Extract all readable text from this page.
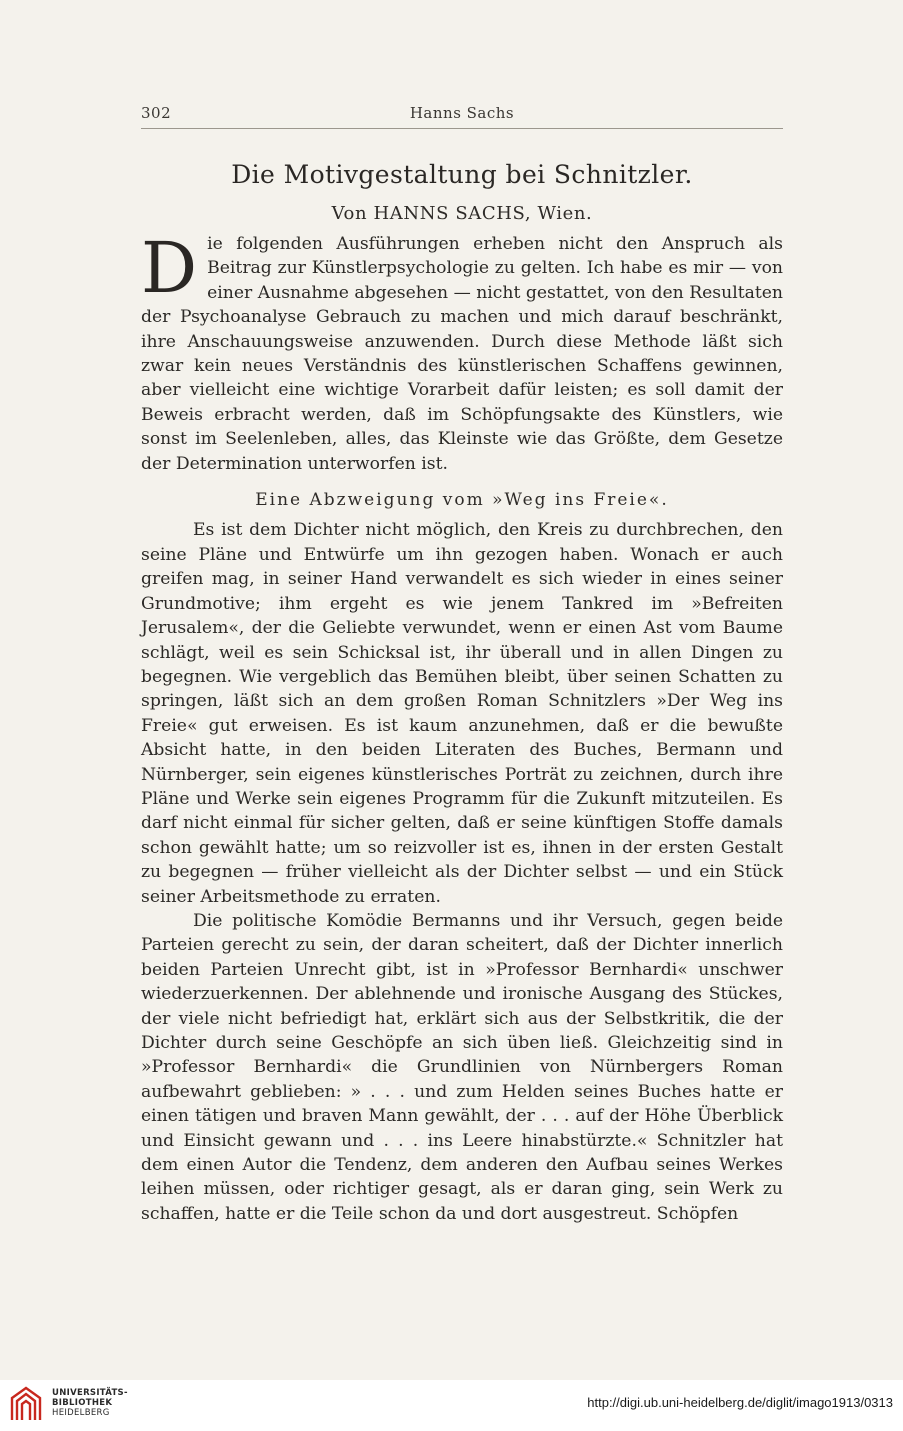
302	Hanns Sachs
Die Motivgestaltung bei Schnitzler.
Von HANNS SACHS, Wien.

D ie folgenden Ausführungen erheben nicht den Anspruch als Beitrag zur Künstlerpsychologie zu gelten. Ich habe es mir — von einer Ausnahme abgesehen — nicht gestattet, von den Resultaten der Psychoanalyse Gebrauch zu machen und mich darauf beschränkt, ihre Anschauungsweise anzuwenden. Durch diese Methode läßt sich zwar kein neues Verständnis des künstlerischen Schaffens gewinnen, aber vielleicht eine wichtige Vorarbeit dafür leisten; es soll damit der Beweis erbracht werden, daß im Schöpfungsakte des Künstlers, wie sonst im Seelenleben, alles, das Kleinste wie das Größte, dem Gesetze der Determination unterworfen ist.

Eine Abzweigung vom »Weg ins Freie«.

Es ist dem Dichter nicht möglich, den Kreis zu durchbrechen, den seine Pläne und Entwürfe um ihn gezogen haben. Wonach er auch greifen mag, in seiner Hand verwandelt es sich wieder in eines seiner Grundmotive; ihm ergeht es wie jenem Tankred im »Befreiten Jerusalem«, der die Geliebte verwundet, wenn er einen Ast vom Baume schlägt, weil es sein Schicksal ist, ihr überall und in allen Dingen zu begegnen. Wie vergeblich das Bemühen bleibt, über seinen Schatten zu springen, läßt sich an dem großen Roman Schnitzlers »Der Weg ins Freie« gut erweisen. Es ist kaum anzunehmen, daß er die bewußte Absicht hatte, in den beiden Literaten des Buches, Bermann und Nürnberger, sein eigenes künstlerisches Porträt zu zeichnen, durch ihre Pläne und Werke sein eigenes Programm für die Zukunft mitzuteilen. Es darf nicht einmal für sicher gelten, daß er seine künftigen Stoffe damals schon gewählt hatte; um so reizvoller ist es, ihnen in der ersten Gestalt zu begegnen — früher vielleicht als der Dichter selbst — und ein Stück seiner Arbeitsmethode zu erraten.

Die politische Komödie Bermanns und ihr Versuch, gegen beide Parteien gerecht zu sein, der daran scheitert, daß der Dichter innerlich beiden Parteien Unrecht gibt, ist in »Professor Bernhardi« unschwer wiederzuerkennen. Der ablehnende und ironische Ausgang des Stückes, der viele nicht befriedigt hat, erklärt sich aus der Selbstkritik, die der Dichter durch seine Geschöpfe an sich üben ließ. Gleichzeitig sind in »Professor Bernhardi« die Grundlinien von Nürnbergers Roman aufbewahrt geblieben: » . . . und zum Helden seines Buches hatte er einen tätigen und braven Mann gewählt, der . . . auf der Höhe Überblick und Einsicht gewann und . . . ins Leere hinabstürzte.« Schnitzler hat dem einen Autor die Tendenz, dem anderen den Aufbau seines Werkes leihen müssen, oder richtiger gesagt, als er daran ging, sein Werk zu schaffen, hatte er die Teile schon da und dort ausgestreut. Schöpfen

UNIVERSITÄTS-
BIBLIOTHEK
HEIDELBERG
http://digi.ub.uni-heidelberg.de/diglit/imago1913/0313
